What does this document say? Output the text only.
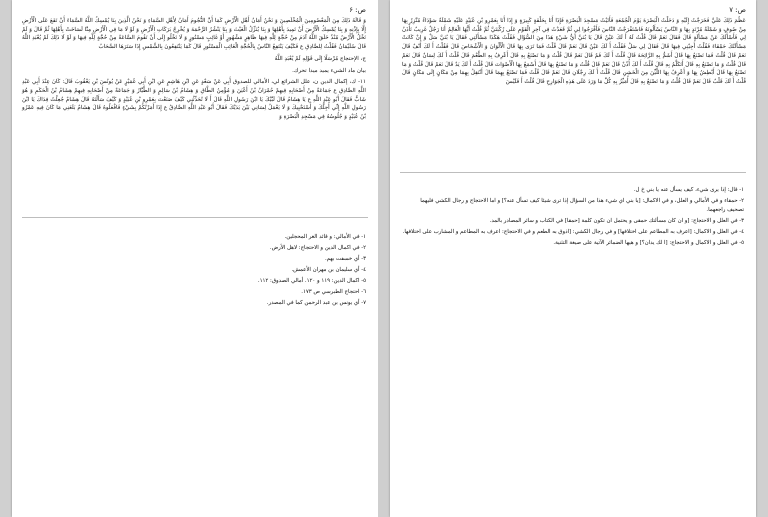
ص: ۶

وَ قَالَهُ ذَلِكَ مِنَ الْمَعْصُومِينَ الْمُخْلَصِينَ وَ نَحْنُ أَمَانُ أَهْلِ الْأَرْضِ كَمَا أَنَّ النُّجُومَ أَمَانُ لِأَهْلِ السَّمَاءِ وَ نَحْنُ الَّذِينَ بِنَا يُمْسِكُ اللَّهُ السَّمَاءَ أَنْ تَقَعَ عَلَى الْأَرْضِ إِلَّا بِإِذْنِهِ وَ بِنَا يُمْسِكُ الْأَرْضَ أَنْ تَمِيدَ بِأَهْلِهَا وَ بِنَا يُنَزِّلُ الْغَيْثَ وَ بِنَا يَنْشُرُ الرَّحْمَةَ وَ يُخْرِجُ بَرَكَاتِ الْأَرْضِ وَ لَوْ لَا مَا فِي الْأَرْضِ مِنَّا لَسَاخَتْ بِأَهْلِهَا ثُمَّ قَالَ وَ لَمْ تَخْلُ الْأَرْضُ مُنْذُ خَلَقَ اللَّهُ آدَمَ مِنْ حُجَّةٍ لِلَّهِ فِيهَا ظَاهِرٍ مَشْهُورٍ أَوْ غَائِبٍ مَسْتُورٍ وَ لَا تَخْلُو إِلَى أَنْ تَقُومَ السَّاعَةُ مِنْ حُجَّةٍ لِلَّهِ فِيهَا وَ لَوْ لَا ذَلِكَ لَمْ يُعْبَدِ اللَّهُ قَالَ سُلَيْمَانُ فَقُلْتُ لِلصَّادِقِ ع فَكَيْفَ يَنْتَفِعُ النَّاسُ بِالْحُجَّةِ الْغَائِبِ الْمَسْتُورِ قَالَ كَمَا يَنْتَفِعُونَ بِالشَّمْسِ إِذَا سَتَرَهَا السَّحَابُ

ج، الإحتجاج مُرْسَلًا إِلَى قَوْلِهِ لَمْ يُعْبَدِ اللَّهُ

بيان ماد الشيء يميد ميدا تحرك.

١١- ك، إكمال الدين ن، علل الشرائع لي، الأمالي للصدوق أَبِي عَنْ سَعْدٍ عَنِ ابْنِ هَاشِمٍ عَنِ ابْنِ أَبِي عُمَيْرٍ عَنْ يُونُسَ بْنِ يَعْقُوبَ قَالَ: كَانَ عِنْدَ أَبِي عَبْدِ اللَّهِ الصَّادِقِ ع جَمَاعَةٌ مِنْ أَصْحَابِهِ فِيهِمْ حُمْرَانُ بْنُ أَعْيَنَ وَ مُؤْمِنُ الطَّاقِ وَ هِشَامُ بْنُ سَالِمٍ وَ الطَّيَّارُ وَ جَمَاعَةٌ مِنْ أَصْحَابِهِ فِيهِمْ هِشَامُ بْنُ الْحَكَمِ وَ هُوَ شَابٌّ فَقَالَ أَبُو عَبْدِ اللَّهِ ع يَا هِشَامُ قَالَ لَبَّيْكَ يَا ابْنَ رَسُولِ اللَّهِ قَالَ أَ لَا تُحَدِّثُنِي كَيْفَ صَنَعْتَ بِعَمْرِو بْنِ عُبَيْدٍ وَ كَيْفَ سَأَلْتَهُ قَالَ هِشَامٌ جُعِلْتُ فِدَاكَ يَا ابْنَ رَسُولِ اللَّهِ إِنِّي أُجِلُّكَ وَ أَسْتَحْيِيكَ وَ لَا يَعْمَلُ لِسَانِي بَيْنَ يَدَيْكَ فَقَالَ أَبُو عَبْدِ اللَّهِ الصَّادِقُ ع إِذَا أَمَرْتُكُمْ بِشَيْءٍ فَافْعَلُوهُ قَالَ هِشَامٌ بَلَغَنِي مَا كَانَ فِيهِ عَمْرُو بْنُ عُبَيْدٍ وَ جُلُوسُهُ فِي مَسْجِدِ الْبَصْرَةِ وَ

١- في الأمالي: و قائد الغر المحجلين.

٢- في اكمال الدين و الاحتجاج: لاهل الأرض.

٣- أي خسفت بهم.

٤- أي سليمان بن مهران الأعمش.

٥- اكمال الدين: ١١٩ و ١٢٠. أمالي الصدوق: ١١٢.

٦- احتجاج الطبرسي ص ١٧٣.

٧- أي يونس بن عبد الرحمن كما في المصدر.

ص: ٧

عَظُمَ ذَلِكَ عَلَيَّ فَخَرَجْتُ إِلَيْهِ وَ دَخَلْتُ الْبَصْرَةَ يَوْمَ الْجُمُعَةِ فَأَتَيْتُ مَسْجِدَ الْبَصْرَةِ فَإِذَا أَنَا بِحَلْقَةٍ كَبِيرَةٍ وَ إِذَا أَنَا بِعَمْرِو بْنِ عُبَيْدٍ عَلَيْهِ شَمْلَةٌ سَوْدَاءُ مُتَّزِرٌ بِهَا مِنْ صُوفٍ وَ شَمْلَةٌ مُرْتَدٍ بِهَا وَ النَّاسُ يَسْأَلُونَهُ فَاسْتَفْرَجْتُ النَّاسَ فَأَفْرَجُوا لِي ثُمَّ قَعَدْتُ فِي آخِرِ الْقَوْمِ عَلَى رُكْبَتَيَّ ثُمَّ قُلْتُ أَيُّهَا الْعَالِمُ أَنَا رَجُلٌ غَرِيبٌ تَأْذَنُ لِي فَأَسْأَلَكَ عَنْ مَسْأَلَةٍ قَالَ فَقَالَ نَعَمْ قَالَ قُلْتُ لَهُ أَ لَكَ عَيْنٌ قَالَ يَا بُنَيَّ أَيُّ شَيْءٍ هَذَا مِنَ السُّؤَالِ فَقُلْتُ هَكَذَا مَسْأَلَتِي فَقَالَ يَا بُنَيَّ سَلْ وَ إِنْ كَانَتْ مَسْأَلَتُكَ حَمْقَاءَ فَقُلْتُ أَجِبْنِي فِيهَا قَالَ فَقَالَ لِي سَلْ فَقُلْتُ أَ لَكَ عَيْنٌ قَالَ نَعَمْ قَالَ قُلْتُ فَمَا تَرَى بِهَا قَالَ الْأَلْوَانَ وَ الْأَشْخَاصَ قَالَ فَقُلْتُ أَ لَكَ أَنْفٌ قَالَ نَعَمْ قَالَ قُلْتُ فَمَا تَصْنَعُ بِهَا قَالَ أَشَمُّ بِهِ الرَّائِحَةَ قَالَ قُلْتُ أَ لَكَ فَمٌ قَالَ نَعَمْ قَالَ قُلْتُ وَ مَا تَصْنَعُ بِهِ قَالَ أَعْرِفُ بِهِ الطَّعْمَ قَالَ قُلْتُ أَ لَكَ لِسَانٌ قَالَ نَعَمْ قَالَ قُلْتُ وَ مَا تَصْنَعُ بِهِ قَالَ أَتَكَلَّمُ بِهِ قَالَ قُلْتُ أَ لَكَ أُذُنٌ قَالَ نَعَمْ قَالَ قُلْتُ وَ مَا تَصْنَعُ بِهَا قَالَ أَسْمَعُ بِهَا الْأَصْوَاتَ قَالَ قُلْتُ أَ لَكَ يَدٌ قَالَ نَعَمْ قَالَ قُلْتُ وَ مَا تَصْنَعُ بِهَا قَالَ أَبْطِشُ بِهَا وَ أَعْرِفُ بِهَا اللَّيِّنَ مِنَ الْخَشِنِ قَالَ قُلْتُ أَ لَكَ رِجْلَانِ قَالَ نَعَمْ قَالَ قُلْتُ فَمَا تَصْنَعُ بِهِمَا قَالَ أَنْتَقِلُ بِهِمَا مِنْ مَكَانٍ إِلَى مَكَانٍ قَالَ قُلْتُ أَ لَكَ قَلْبٌ قَالَ نَعَمْ قَالَ قُلْتُ وَ مَا تَصْنَعُ بِهِ قَالَ أُمَيِّزُ بِهِ كُلَّ مَا وَرَدَ عَلَى هَذِهِ الْجَوَارِحِ قَالَ قُلْتُ أَ فَلَيْسَ

١- قال: إذا يرى شيء، كيف يسأل عنه يا بني خ ل.

٢- حمقاء و في الأمالي و العلل، و في الاكمال: [يا بني اي شيء هذا من السؤال إذا ترى شيئا كيف تسأل عنه؟] و اما الاحتجاج و رجال الكشي فليهما تصحيف راجعهما.

٣- في العلل و الاحتجاج: [و ان كان مسألتك حمقى و يحتمل ان تكون كلمة [حمقا] في الكتاب و سائر المصادر بالمد.

٤- في العلل و الاكمال: [اعرف به المطاعم على اختلافها] و في رجال الكشي: [اذوق به الطعم و في الاحتجاج: اعرف به المطاعم و المشارب على اختلافها.

٥- في العلل و الاكمال و الاحتجاج: [ا لك يدان؟] و هيها الضمائر الآتية على صيغة التثنية.
